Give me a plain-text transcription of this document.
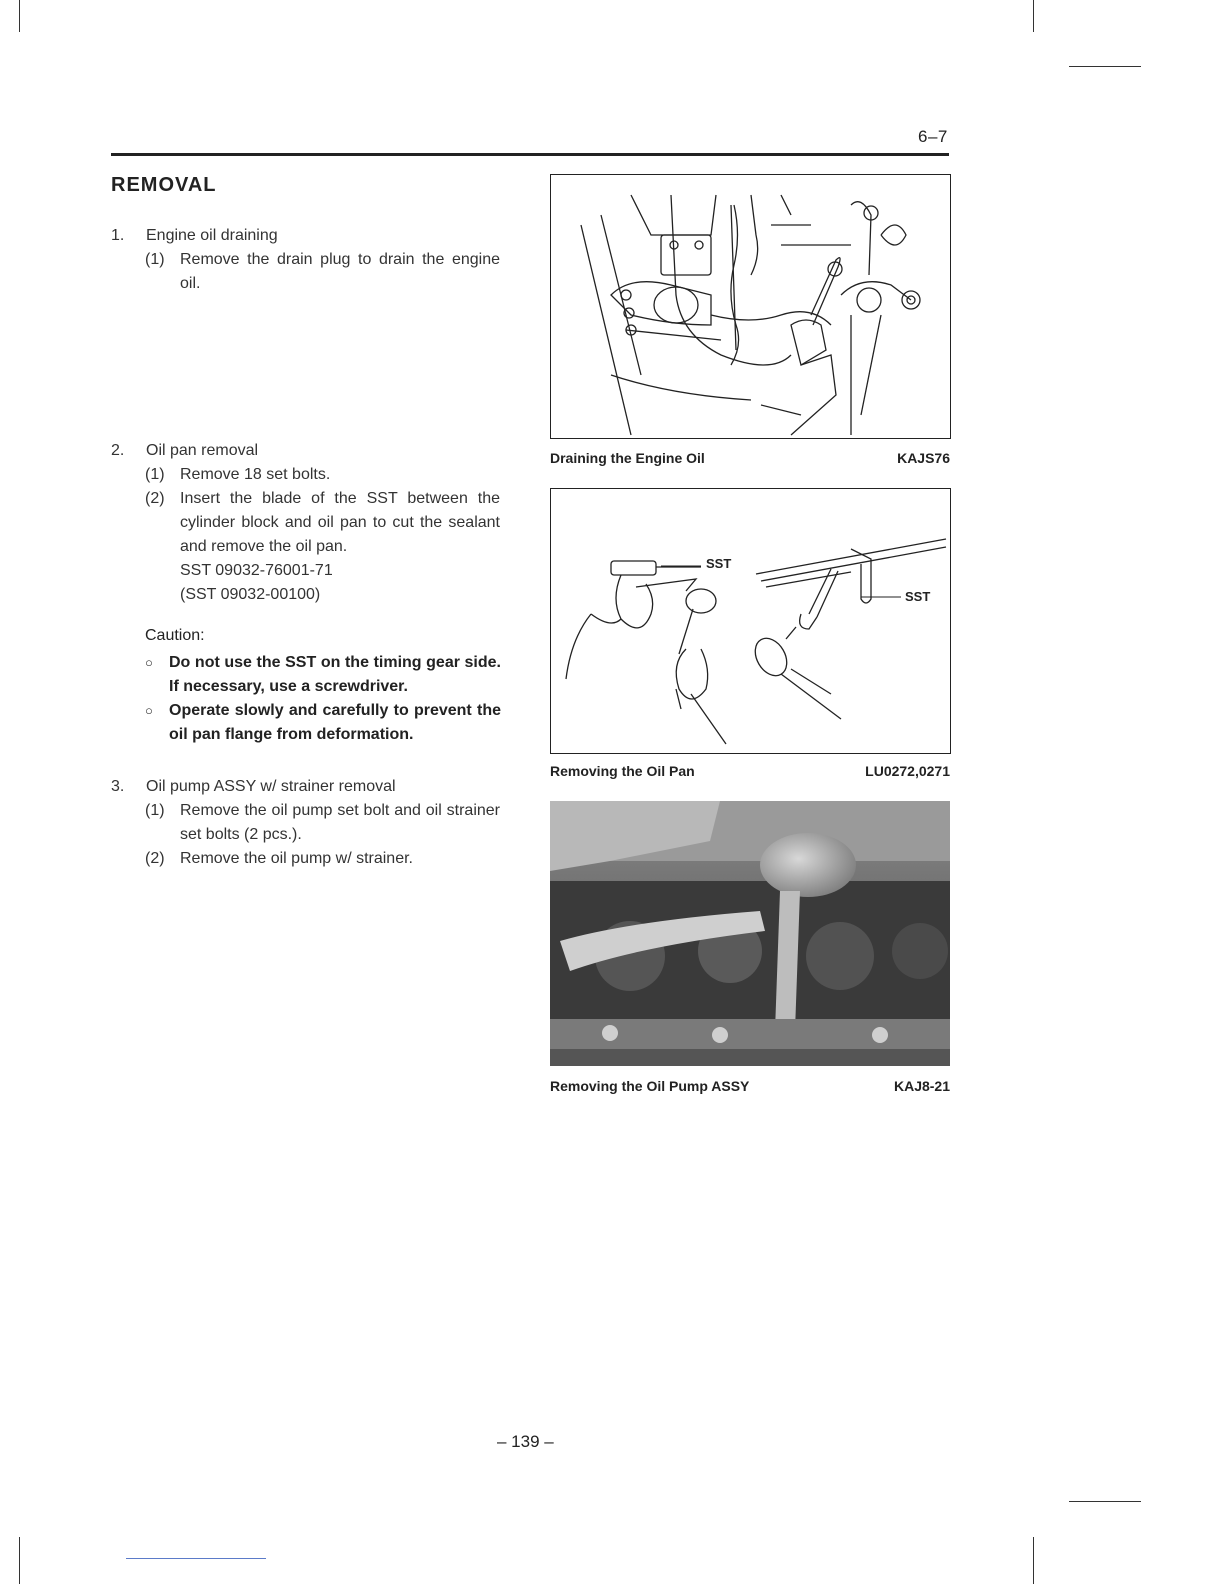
6–7
REMOVAL
1. Engine oil draining
(1) Remove the drain plug to drain the engine oil.
2. Oil pan removal
(1) Remove 18 set bolts.
(2) Insert the blade of the SST between the cylinder block and oil pan to cut the sealant and remove the oil pan.
SST 09032-76001-71
(SST 09032-00100)
Caution:
○ Do not use the SST on the timing gear side. If necessary, use a screwdriver.
○ Operate slowly and carefully to prevent the oil pan flange from deformation.
3. Oil pump ASSY w/ strainer removal
(1) Remove the oil pump set bolt and oil strainer set bolts (2 pcs.).
(2) Remove the oil pump w/ strainer.
Draining the Engine Oil	KAJS76
SST
SST
Removing the Oil Pan	LU0272,0271
Removing the Oil Pump ASSY	KAJ8-21
– 139 –
